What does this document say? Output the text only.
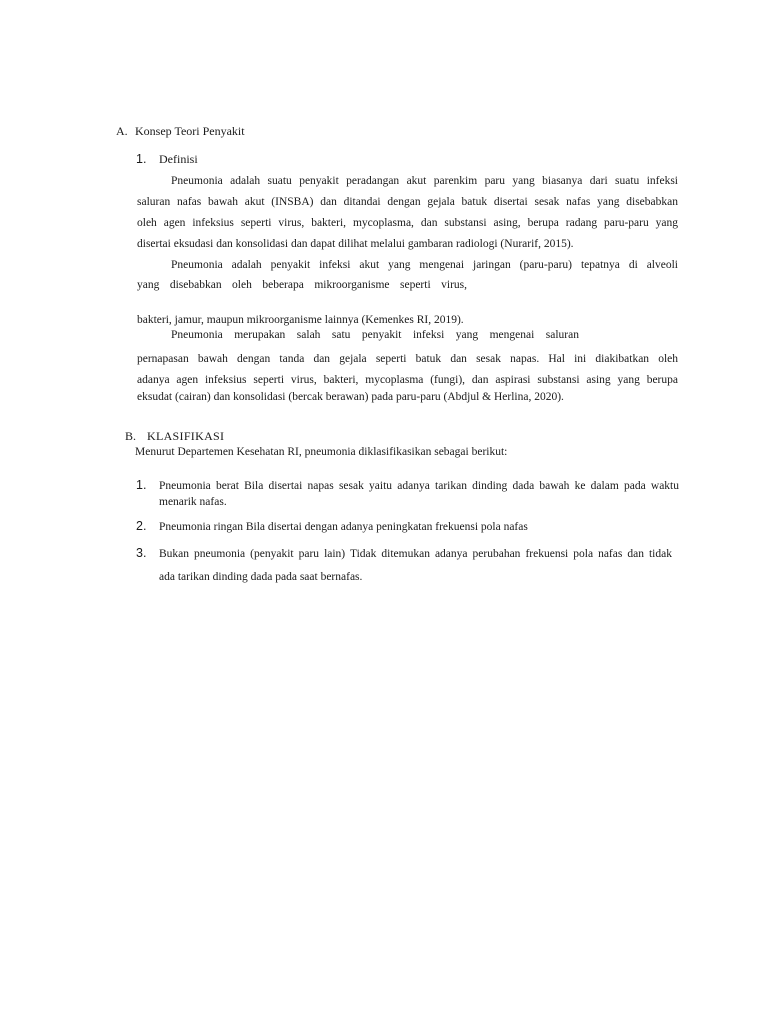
A. Konsep Teori Penyakit
1. Definisi
Pneumonia adalah suatu penyakit peradangan akut parenkim paru yang biasanya dari suatu infeksi
saluran nafas bawah akut (INSBA) dan ditandai dengan gejala batuk disertai sesak nafas yang disebabkan
oleh agen infeksius seperti virus, bakteri, mycoplasma, dan substansi asing, berupa radang paru-paru yang
disertai eksudasi dan konsolidasi dan dapat dilihat melalui gambaran radiologi (Nurarif, 2015).
Pneumonia adalah penyakit infeksi akut yang mengenai jaringan (paru-paru) tepatnya di alveoli
yang disebabkan oleh beberapa mikroorganisme seperti virus,
bakteri, jamur, maupun mikroorganisme lainnya (Kemenkes RI, 2019).
Pneumonia merupakan salah satu penyakit infeksi yang mengenai saluran
pernapasan bawah dengan tanda dan gejala seperti batuk dan sesak napas. Hal ini diakibatkan oleh
adanya agen infeksius seperti virus, bakteri, mycoplasma (fungi), dan aspirasi substansi asing yang berupa
eksudat (cairan) dan konsolidasi (bercak berawan) pada paru-paru (Abdjul & Herlina, 2020).
B. KLASIFIKASI
Menurut Departemen Kesehatan RI, pneumonia diklasifikasikan sebagai berikut:
1. Pneumonia berat Bila disertai napas sesak yaitu adanya tarikan dinding dada bawah ke dalam pada waktu
menarik nafas.
2. Pneumonia ringan Bila disertai dengan adanya peningkatan frekuensi pola nafas
3. Bukan pneumonia (penyakit paru lain) Tidak ditemukan adanya perubahan frekuensi pola nafas dan tidak
ada tarikan dinding dada pada saat bernafas.
